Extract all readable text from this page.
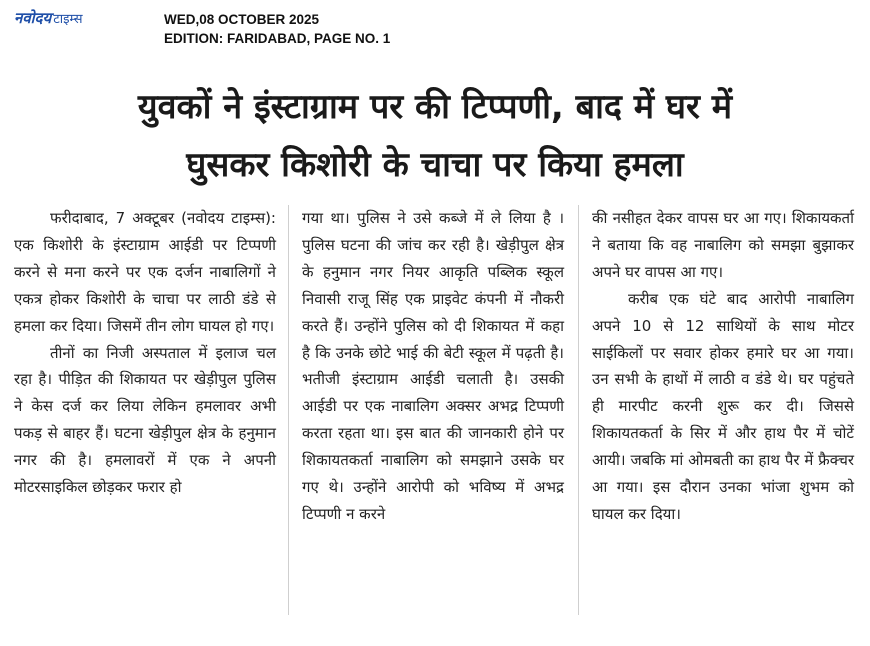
नवोदय टाइम्स	WED,08 OCTOBER 2025
EDITION: FARIDABAD, PAGE NO. 1
युवकों ने इंस्टाग्राम पर की टिप्पणी, बाद में घर में
घुसकर किशोरी के चाचा पर किया हमला

फरीदाबाद, 7 अक्टूबर (नवोदय टाइम्स): एक किशोरी के इंस्टाग्राम आईडी पर टिप्पणी करने से मना करने पर एक दर्जन नाबालिगों ने एकत्र होकर किशोरी के चाचा पर लाठी डंडे से हमला कर दिया। जिसमें तीन लोग घायल हो गए।

तीनों का निजी अस्पताल में इलाज चल रहा है। पीड़ित की शिकायत पर खेड़ीपुल पुलिस ने केस दर्ज कर लिया लेकिन हमलावर अभी पकड़ से बाहर हैं। घटना खेड़ीपुल क्षेत्र के हनुमान नगर की है। हमलावरों में एक ने अपनी मोटरसाइकिल छोड़कर फरार हो

गया था। पुलिस ने उसे कब्जे में ले लिया है । पुलिस घटना की जांच कर रही है। खेड़ीपुल क्षेत्र के हनुमान नगर नियर आकृति पब्लिक स्कूल निवासी राजू सिंह एक प्राइवेट कंपनी में नौकरी करते हैं। उन्होंने पुलिस को दी शिकायत में कहा है कि उनके छोटे भाई की बेटी स्कूल में पढ़ती है। भतीजी इंस्टाग्राम आईडी चलाती है। उसकी आईडी पर एक नाबालिग अक्सर अभद्र टिप्पणी करता रहता था। इस बात की जानकारी होने पर शिकायतकर्ता नाबालिग को समझाने उसके घर गए थे। उन्होंने आरोपी को भविष्य में अभद्र टिप्पणी न करने

की नसीहत देकर वापस घर आ गए। शिकायकर्ता ने बताया कि वह नाबालिग को समझा बुझाकर अपने घर वापस आ गए।

करीब एक घंटे बाद आरोपी नाबालिग अपने 10 से 12 साथियों के साथ मोटर साईकिलों पर सवार होकर हमारे घर आ गया। उन सभी के हाथों में लाठी व डंडे थे। घर पहुंचते ही मारपीट करनी शुरू कर दी। जिससे शिकायतकर्ता के सिर में और हाथ पैर में चोटें आयी। जबकि मां ओमबती का हाथ पैर में फ्रैक्चर आ गया। इस दौरान उनका भांजा शुभम को घायल कर दिया।
